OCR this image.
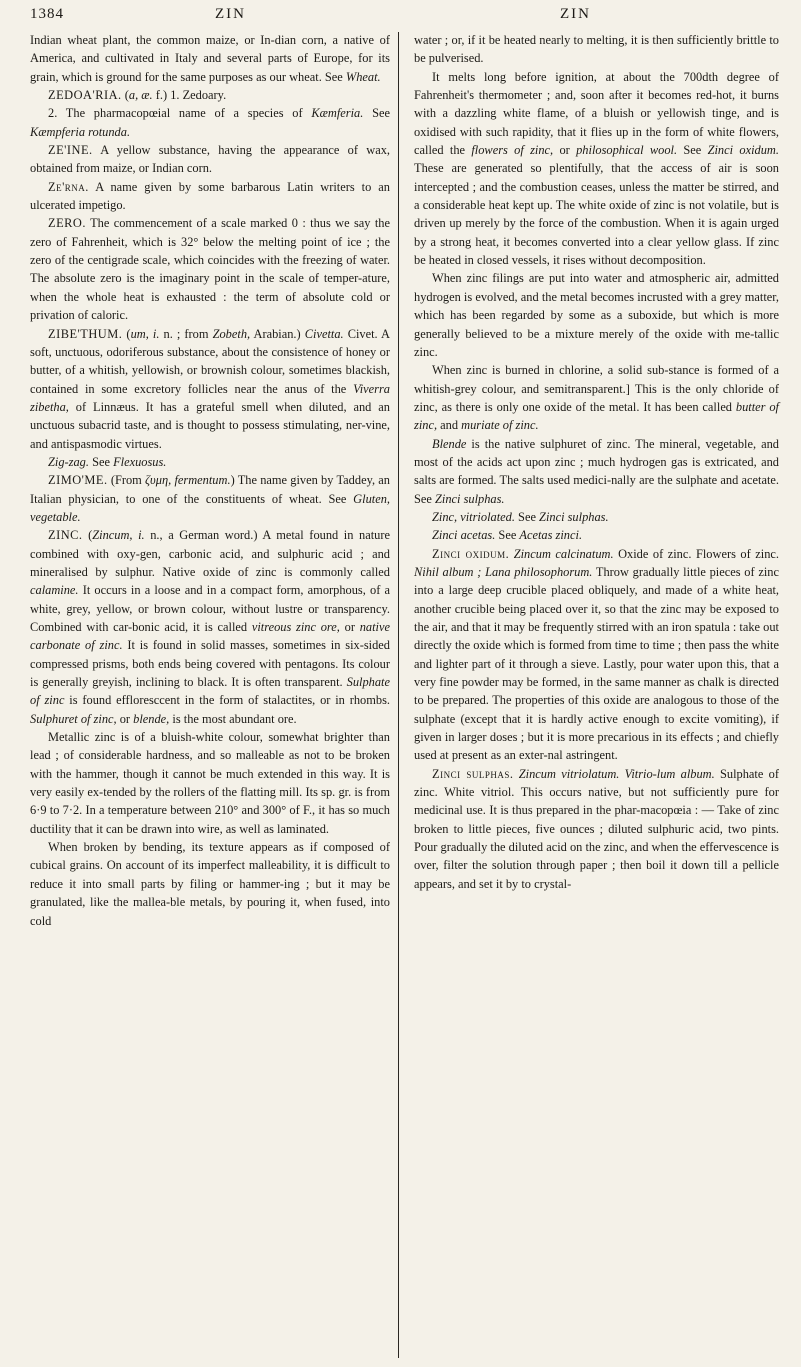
1384	ZIN	ZIN

Indian wheat plant, the common maize, or In-dian corn, a native of America, and cultivated in Italy and several parts of Europe, for its grain, which is ground for the same purposes as our wheat. See Wheat.

ZEDOA'RIA. (a, æ. f.) 1. Zedoary.

2. The pharmacopœial name of a species of Kæmferia. See Kæmpferia rotunda.

ZE'INE. A yellow substance, having the appearance of wax, obtained from maize, or Indian corn.

Ze'rna. A name given by some barbarous Latin writers to an ulcerated impetigo.

ZERO. The commencement of a scale marked 0 : thus we say the zero of Fahrenheit, which is 32° below the melting point of ice ; the zero of the centigrade scale, which coincides with the freezing of water. The absolute zero is the imaginary point in the scale of temper-ature, when the whole heat is exhausted : the term of absolute cold or privation of caloric.

ZIBE'THUM. (um, i. n. ; from Zobeth, Arabian.) Civetta. Civet. A soft, unctuous, odoriferous substance, about the consistence of honey or butter, of a whitish, yellowish, or brownish colour, sometimes blackish, contained in some excretory follicles near the anus of the Viverra zibetha, of Linnæus. It has a grateful smell when diluted, and an unctuous subacrid taste, and is thought to possess stimulating, ner-vine, and antispasmodic virtues.

Zig-zag. See Flexuosus.

ZIMO'ME. (From ζυμη, fermentum.) The name given by Taddey, an Italian physician, to one of the constituents of wheat. See Gluten, vegetable.

ZINC. (Zincum, i. n., a German word.) A metal found in nature combined with oxy-gen, carbonic acid, and sulphuric acid ; and mineralised by sulphur. Native oxide of zinc is commonly called calamine. It occurs in a loose and in a compact form, amorphous, of a white, grey, yellow, or brown colour, without lustre or transparency. Combined with car-bonic acid, it is called vitreous zinc ore, or native carbonate of zinc. It is found in solid masses, sometimes in six-sided compressed prisms, both ends being covered with pentagons. Its colour is generally greyish, inclining to black. It is often transparent. Sulphate of zinc is found effloresccent in the form of stalactites, or in rhombs. Sulphuret of zinc, or blende, is the most abundant ore.

Metallic zinc is of a bluish-white colour, somewhat brighter than lead ; of considerable hardness, and so malleable as not to be broken with the hammer, though it cannot be much extended in this way. It is very easily ex-tended by the rollers of the flatting mill. Its sp. gr. is from 6·9 to 7·2. In a temperature between 210° and 300° of F., it has so much ductility that it can be drawn into wire, as well as laminated.

When broken by bending, its texture appears as if composed of cubical grains. On account of its imperfect malleability, it is difficult to reduce it into small parts by filing or hammer-ing ; but it may be granulated, like the mallea-ble metals, by pouring it, when fused, into cold

water ; or, if it be heated nearly to melting, it is then sufficiently brittle to be pulverised.

It melts long before ignition, at about the 700dth degree of Fahrenheit's thermometer ; and, soon after it becomes red-hot, it burns with a dazzling white flame, of a bluish or yellowish tinge, and is oxidised with such rapidity, that it flies up in the form of white flowers, called the flowers of zinc, or philosophical wool. See Zinci oxidum. These are generated so plentifully, that the access of air is soon intercepted ; and the combustion ceases, unless the matter be stirred, and a considerable heat kept up. The white oxide of zinc is not volatile, but is driven up merely by the force of the combustion. When it is again urged by a strong heat, it becomes converted into a clear yellow glass. If zinc be heated in closed vessels, it rises without decomposition.

When zinc filings are put into water and atmospheric air, admitted hydrogen is evolved, and the metal becomes incrusted with a grey matter, which has been regarded by some as a suboxide, but which is more generally believed to be a mixture merely of the oxide with me-tallic zinc.

When zinc is burned in chlorine, a solid sub-stance is formed of a whitish-grey colour, and semitransparent.] This is the only chloride of zinc, as there is only one oxide of the metal. It has been called butter of zinc, and muriate of zinc.

Blende is the native sulphuret of zinc. The mineral, vegetable, and most of the acids act upon zinc ; much hydrogen gas is extricated, and salts are formed. The salts used medici-nally are the sulphate and acetate. See Zinci sulphas.

Zinc, vitriolated. See Zinci sulphas.

Zinci acetas. See Acetas zinci.

Zinci oxidum. Zincum calcinatum. Oxide of zinc. Flowers of zinc. Nihil album ; Lana philosophorum. Throw gradually little pieces of zinc into a large deep crucible placed obliquely, and made of a white heat, another crucible being placed over it, so that the zinc may be exposed to the air, and that it may be frequently stirred with an iron spatula : take out directly the oxide which is formed from time to time ; then pass the white and lighter part of it through a sieve. Lastly, pour water upon this, that a very fine powder may be formed, in the same manner as chalk is directed to be prepared. The properties of this oxide are analogous to those of the sulphate (except that it is hardly active enough to excite vomiting), if given in larger doses ; but it is more precarious in its effects ; and chiefly used at present as an exter-nal astringent.

Zinci sulphas. Zincum vitriolatum. Vitrio-lum album. Sulphate of zinc. White vitriol. This occurs native, but not sufficiently pure for medicinal use. It is thus prepared in the phar-macopœia : — Take of zinc broken to little pieces, five ounces ; diluted sulphuric acid, two pints. Pour gradually the diluted acid on the zinc, and when the effervescence is over, filter the solution through paper ; then boil it down till a pellicle appears, and set it by to crystal-
